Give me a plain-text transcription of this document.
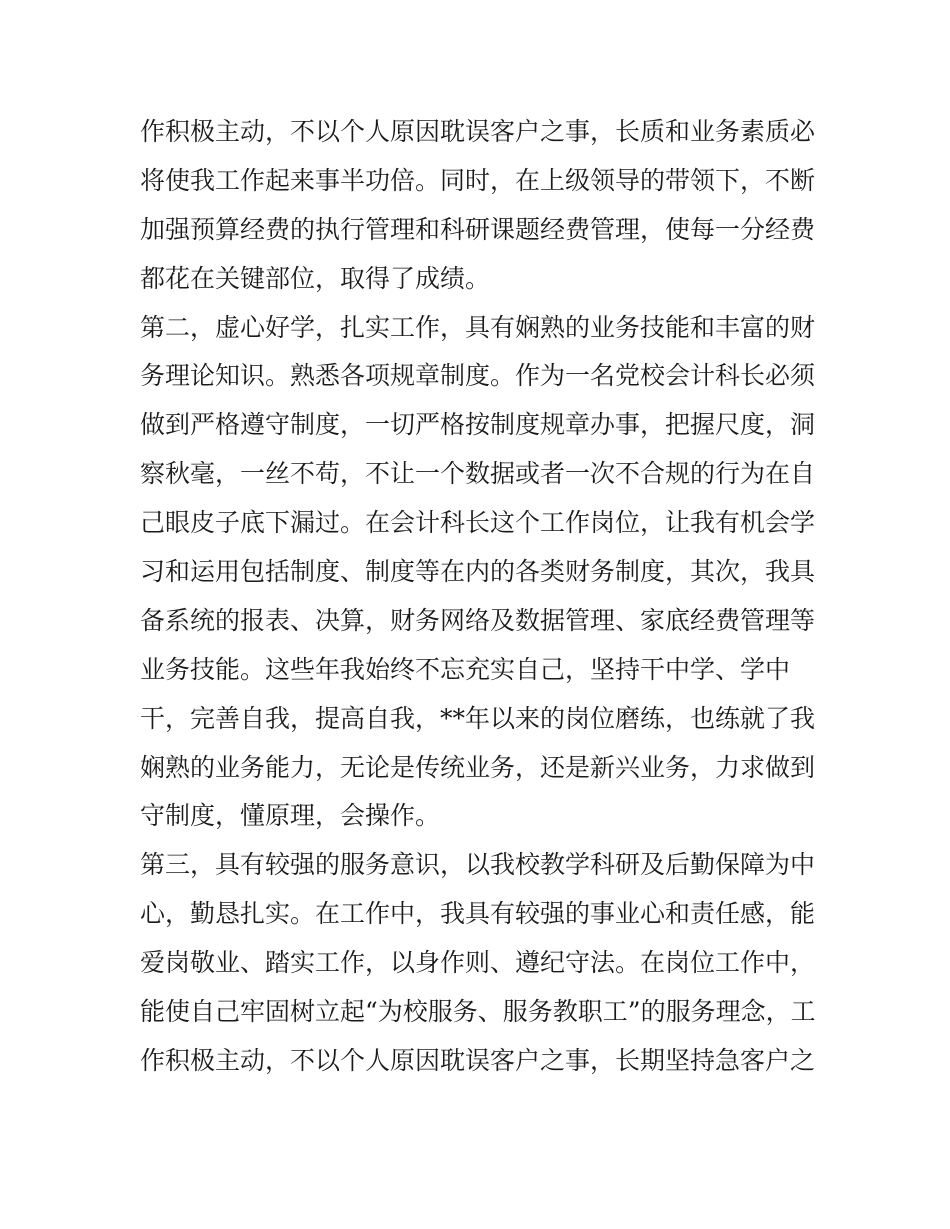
作积极主动，不以个人原因耽误客户之事，长质和业务素质必
将使我工作起来事半功倍。同时，在上级领导的带领下，不断
加强预算经费的执行管理和科研课题经费管理，使每一分经费
都花在关键部位，取得了成绩。
第二，虚心好学，扎实工作，具有娴熟的业务技能和丰富的财
务理论知识。熟悉各项规章制度。作为一名党校会计科长必须
做到严格遵守制度，一切严格按制度规章办事，把握尺度，洞
察秋毫，一丝不苟，不让一个数据或者一次不合规的行为在自
己眼皮子底下漏过。在会计科长这个工作岗位，让我有机会学
习和运用包括制度、制度等在内的各类财务制度，其次，我具
备系统的报表、决算，财务网络及数据管理、家底经费管理等
业务技能。这些年我始终不忘充实自己，坚持干中学、学中
干，完善自我，提高自我，**年以来的岗位磨练，也练就了我
娴熟的业务能力，无论是传统业务，还是新兴业务，力求做到
守制度，懂原理，会操作。
第三，具有较强的服务意识，以我校教学科研及后勤保障为中
心，勤恳扎实。在工作中，我具有较强的事业心和责任感，能
爱岗敬业、踏实工作，以身作则、遵纪守法。在岗位工作中，
能使自己牢固树立起“为校服务、服务教职工”的服务理念，工
作积极主动，不以个人原因耽误客户之事，长期坚持急客户之
